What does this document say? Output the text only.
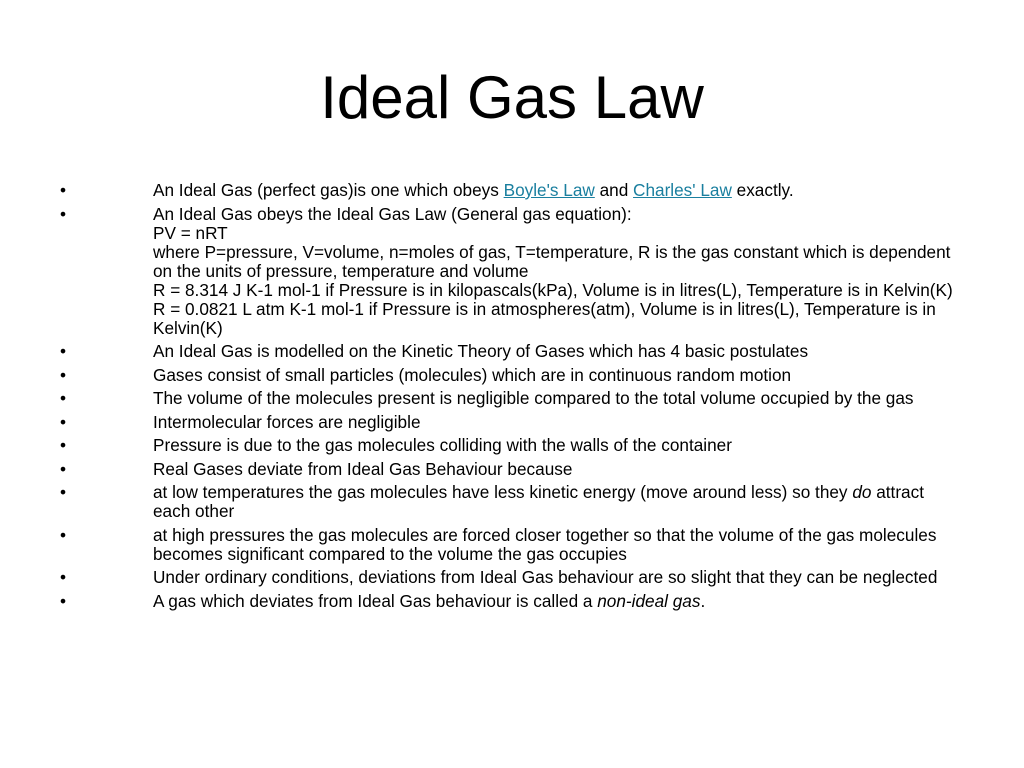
Ideal Gas Law
•	An Ideal Gas (perfect gas)is one which obeys Boyle's Law and Charles' Law exactly.
•	An Ideal Gas obeys the Ideal Gas Law (General gas equation):
PV = nRT
where P=pressure, V=volume, n=moles of gas, T=temperature, R is the gas constant which is dependent on the units of pressure, temperature and volume
R = 8.314 J K-1 mol-1 if Pressure is in kilopascals(kPa), Volume is in litres(L), Temperature is in Kelvin(K)
R = 0.0821 L atm K-1 mol-1 if Pressure is in atmospheres(atm), Volume is in litres(L), Temperature is in Kelvin(K)
•	An Ideal Gas is modelled on the Kinetic Theory of Gases which has 4 basic postulates
•	Gases consist of small particles (molecules) which are in continuous random motion
•	The volume of the molecules present is negligible compared to the total volume occupied by the gas
•	Intermolecular forces are negligible
•	Pressure is due to the gas molecules colliding with the walls of the container
•	Real Gases deviate from Ideal Gas Behaviour because
•	at low temperatures the gas molecules have less kinetic energy (move around less) so they do attract each other
•	at high pressures the gas molecules are forced closer together so that the volume of the gas molecules becomes significant compared to the volume the gas occupies
•	Under ordinary conditions, deviations from Ideal Gas behaviour are so slight that they can be neglected
•	A gas which deviates from Ideal Gas behaviour is called a non-ideal gas.
